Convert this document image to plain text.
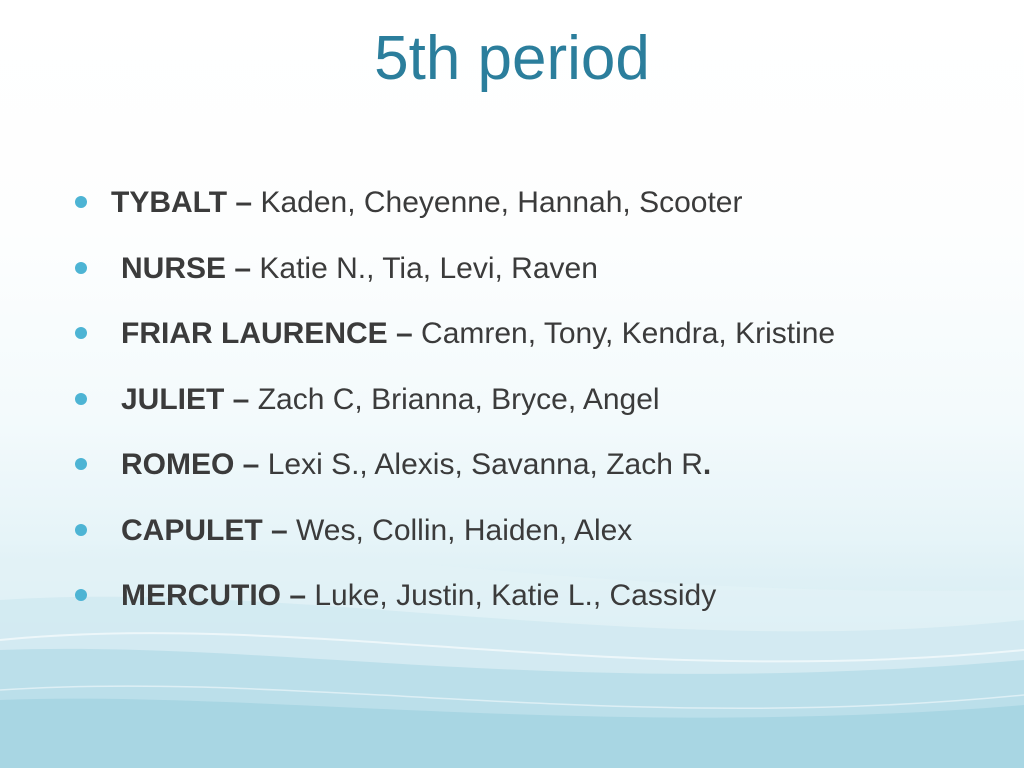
5th period
TYBALT – Kaden, Cheyenne, Hannah, Scooter
NURSE – Katie N., Tia, Levi, Raven
FRIAR LAURENCE – Camren, Tony, Kendra, Kristine
JULIET – Zach C, Brianna, Bryce, Angel
ROMEO – Lexi S., Alexis, Savanna, Zach R.
CAPULET – Wes, Collin, Haiden, Alex
MERCUTIO – Luke, Justin, Katie L., Cassidy
